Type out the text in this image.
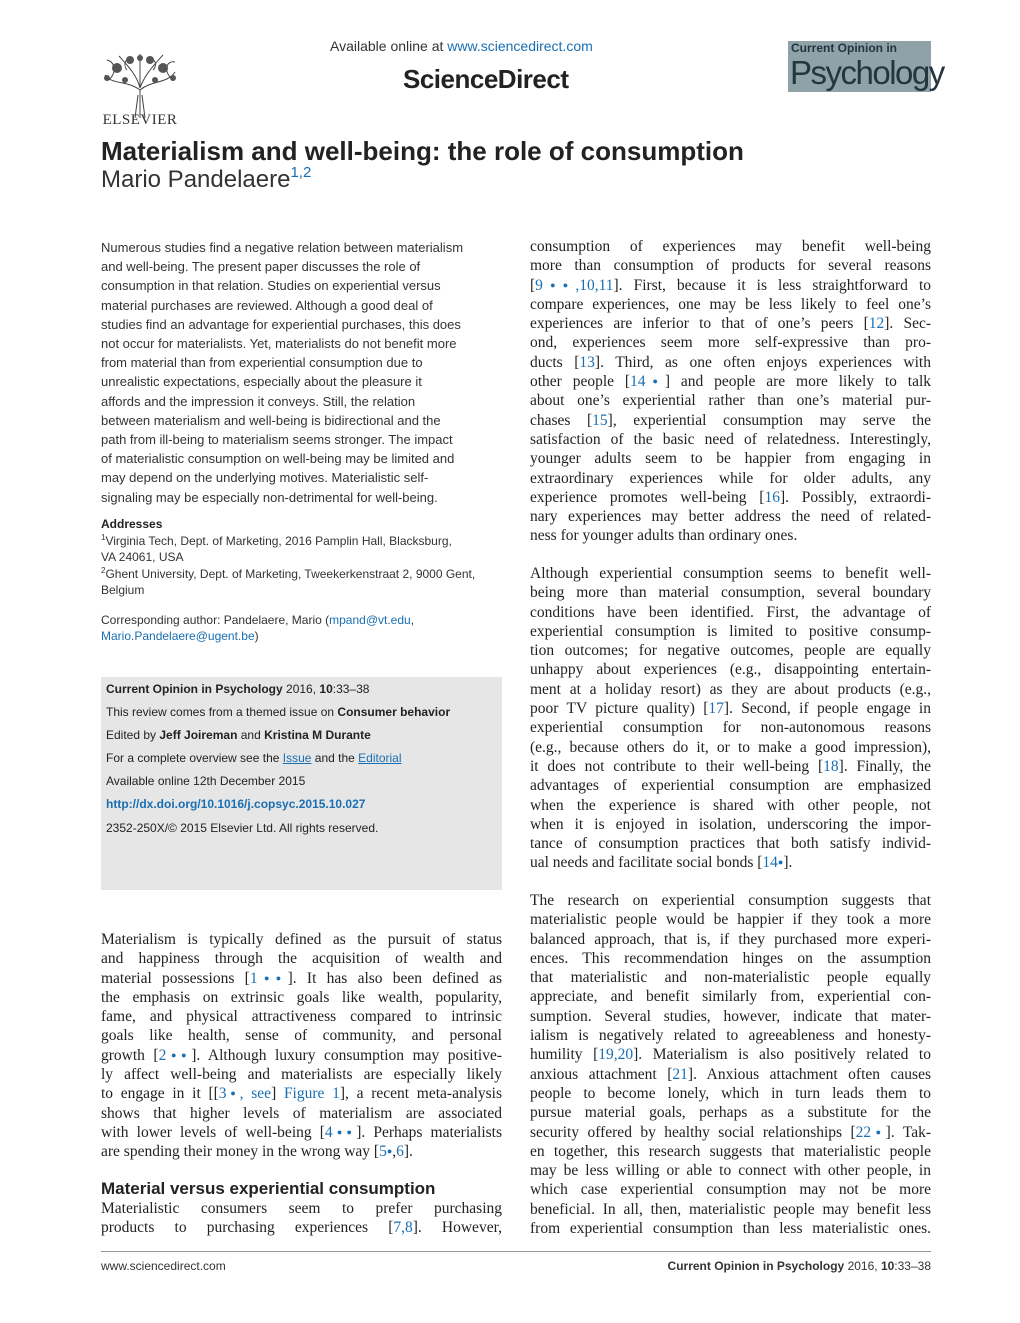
ELSEVIER
Available online at www.sciencedirect.com
ScienceDirect
Current Opinion in
Psychology
Materialism and well-being: the role of consumption
Mario Pandelaere$^{1,2}$
Numerous studies find a negative relation between materialism
and well-being. The present paper discusses the role of
consumption in that relation. Studies on experiential versus
material purchases are reviewed. Although a good deal of
studies find an advantage for experiential purchases, this does
not occur for materialists. Yet, materialists do not benefit more
from material than from experiential consumption due to
unrealistic expectations, especially about the pleasure it
affords and the impression it conveys. Still, the relation
between materialism and well-being is bidirectional and the
path from ill-being to materialism seems stronger. The impact
of materialistic consumption on well-being may be limited and
may depend on the underlying motives. Materialistic self-
signaling may be especially non-detrimental for well-being.
Addresses
$^1$Virginia Tech, Dept. of Marketing, 2016 Pamplin Hall, Blacksburg,
VA 24061, USA
$^2$Ghent University, Dept. of Marketing, Tweekerkenstraat 2, 9000 Gent,
Belgium
Corresponding author: Pandelaere, Mario (mpand@vt.edu,
Mario.Pandelaere@ugent.be)
Current Opinion in Psychology 2016, 10:33–38
This review comes from a themed issue on Consumer behavior
Edited by Jeff Joireman and Kristina M Durante
For a complete overview see the Issue and the Editorial
Available online 12th December 2015
http://dx.doi.org/10.1016/j.copsyc.2015.10.027
2352-250X/© 2015 Elsevier Ltd. All rights reserved.
Materialism is typically defined as the pursuit of status
and happiness through the acquisition of wealth and
material possessions [1●●]. It has also been defined as
the emphasis on extrinsic goals like wealth, popularity,
fame, and physical attractiveness compared to intrinsic
goals like health, sense of community, and personal
growth [2●●]. Although luxury consumption may positive-
ly affect well-being and materialists are especially likely
to engage in it [[3●, see] Figure 1], a recent meta-analysis
shows that higher levels of materialism are associated
with lower levels of well-being [4●●]. Perhaps materialists
are spending their money in the wrong way [5●,6].
Material versus experiential consumption
Materialistic consumers seem to prefer purchasing
products to purchasing experiences [7,8]. However,
consumption of experiences may benefit well-being
more than consumption of products for several reasons
[9●●,10,11]. First, because it is less straightforward to
compare experiences, one may be less likely to feel one’s
experiences are inferior to that of one’s peers [12]. Sec-
ond, experiences seem more self-expressive than pro-
ducts [13]. Third, as one often enjoys experiences with
other people [14●] and people are more likely to talk
about one’s experiential rather than one’s material pur-
chases [15], experiential consumption may serve the
satisfaction of the basic need of relatedness. Interestingly,
younger adults seem to be happier from engaging in
extraordinary experiences while for older adults, any
experience promotes well-being [16]. Possibly, extraordi-
nary experiences may better address the need of related-
ness for younger adults than ordinary ones.
Although experiential consumption seems to benefit well-
being more than material consumption, several boundary
conditions have been identified. First, the advantage of
experiential consumption is limited to positive consump-
tion outcomes; for negative outcomes, people are equally
unhappy about experiences (e.g., disappointing entertain-
ment at a holiday resort) as they are about products (e.g.,
poor TV picture quality) [17]. Second, if people engage in
experiential consumption for non-autonomous reasons
(e.g., because others do it, or to make a good impression),
it does not contribute to their well-being [18]. Finally, the
advantages of experiential consumption are emphasized
when the experience is shared with other people, not
when it is enjoyed in isolation, underscoring the impor-
tance of consumption practices that both satisfy individ-
ual needs and facilitate social bonds [14●].
The research on experiential consumption suggests that
materialistic people would be happier if they took a more
balanced approach, that is, if they purchased more experi-
ences. This recommendation hinges on the assumption
that materialistic and non-materialistic people equally
appreciate, and benefit similarly from, experiential con-
sumption. Several studies, however, indicate that mater-
ialism is negatively related to agreeableness and honesty-
humility [19,20]. Materialism is also positively related to
anxious attachment [21]. Anxious attachment often causes
people to become lonely, which in turn leads them to
pursue material goals, perhaps as a substitute for the
security offered by healthy social relationships [22●]. Tak-
en together, this research suggests that materialistic people
may be less willing or able to connect with other people, in
which case experiential consumption may not be more
beneficial. In all, then, materialistic people may benefit less
from experiential consumption than less materialistic ones.
www.sciencedirect.com	Current Opinion in Psychology 2016, 10:33–38
